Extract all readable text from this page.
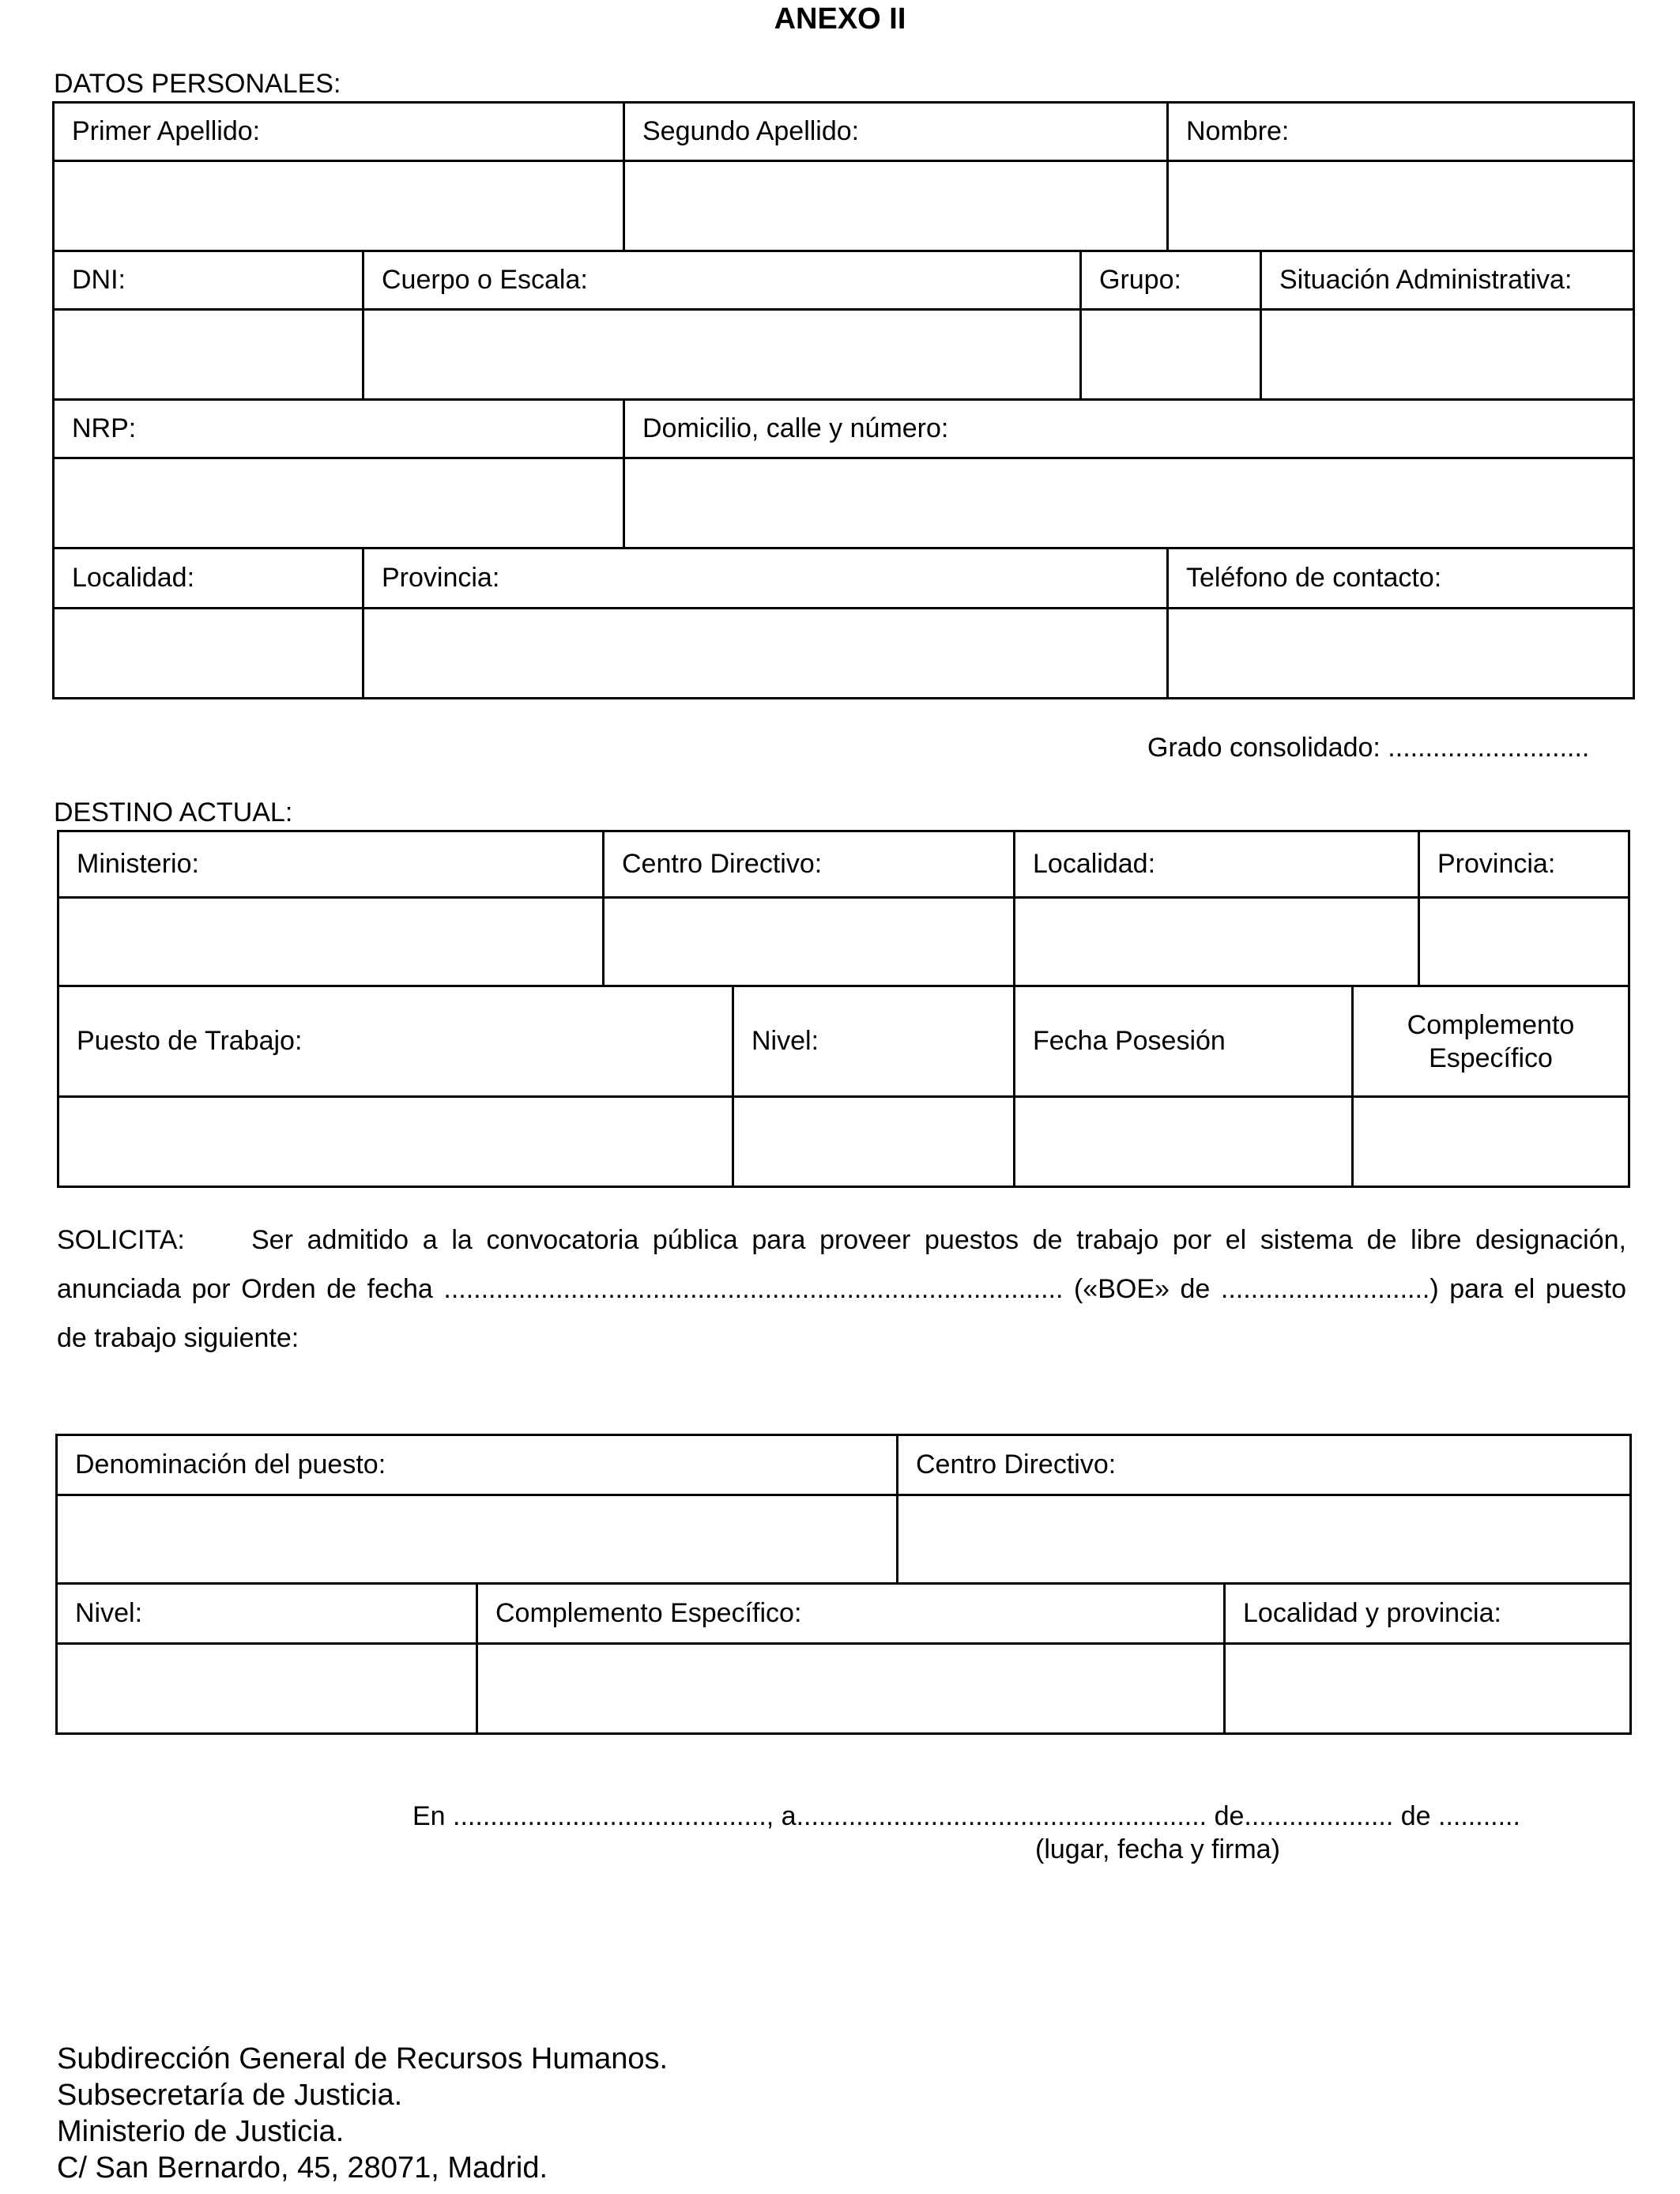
ANEXO II
DATOS PERSONALES:
Primer Apellido:	Segundo Apellido:	Nombre:

DNI:	Cuerpo o Escala:	Grupo:	Situación Administrativa:

NRP:	Domicilio, calle y número:

Localidad:	Provincia:	Teléfono de contacto:

Grado consolidado: ...........................
DESTINO ACTUAL:
Ministerio:	Centro Directivo:	Localidad:	Provincia:

Puesto de Trabajo:	Nivel:	Fecha Posesión	Complemento Específico

SOLICITA: Ser admitido a la convocatoria pública para proveer puestos de trabajo por el sistema de libre designación, anunciada por Orden de fecha ................................................................................... («BOE» de ............................) para el puesto de trabajo siguiente:
Denominación del puesto:	Centro Directivo:

Nivel:	Complemento Específico:	Localidad y provincia:

En .........................................., a....................................................... de.................... de ...........
(lugar, fecha y firma)
Subdirección General de Recursos Humanos.
Subsecretaría de Justicia.
Ministerio de Justicia.
C/ San Bernardo, 45, 28071, Madrid.
